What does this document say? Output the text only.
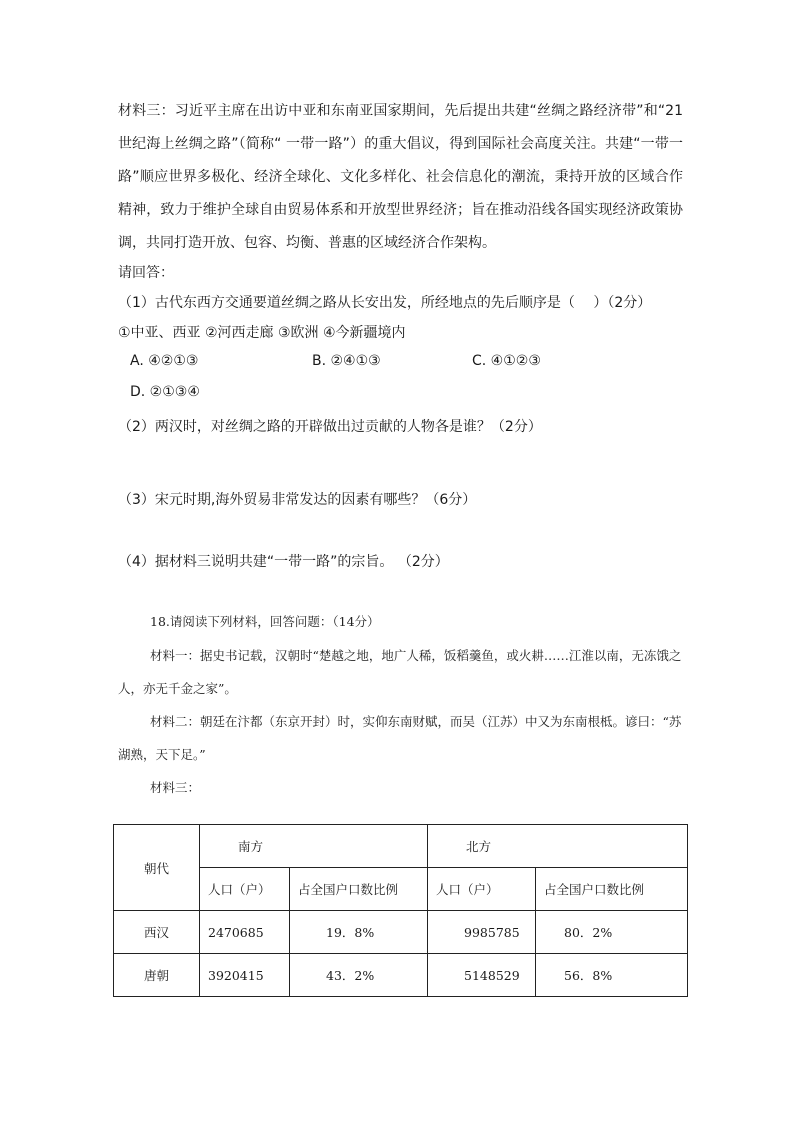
材料三：习近平主席在出访中亚和东南亚国家期间，先后提出共建“丝绸之路经济带”和“21世纪海上丝绸之路”（简称“ 一带一路”）的重大倡议，得到国际社会高度关注。共建“一带一路”顺应世界多极化、经济全球化、文化多样化、社会信息化的潮流，秉持开放的区域合作精神，致力于维护全球自由贸易体系和开放型世界经济；旨在推动沿线各国实现经济政策协调，共同打造开放、包容、均衡、普惠的区域经济合作架构。

请回答：

（1）古代东西方交通要道丝绸之路从长安出发，所经地点的先后顺序是（　 ）（2分）

①中亚、西亚 ②河西走廊 ③欧洲 ④今新疆境内

A. ④②①③	B. ②④①③	C. ④①②③
D. ②①③④

（2）两汉时，对丝绸之路的开辟做出过贡献的人物各是谁？（2分）

（3）宋元时期,海外贸易非常发达的因素有哪些？（6分）

（4）据材料三说明共建“一带一路”的宗旨。 （2分）

18.请阅读下列材料，回答问题：（14分）

材料一：据史书记载，汉朝时“楚越之地，地广人稀，饭稻羹鱼，或火耕……江淮以南，无冻饿之人，亦无千金之家”。

材料二：朝廷在汴都（东京开封）时，实仰东南财赋，而吴（江苏）中又为东南根柢。谚曰：“苏湖熟，天下足。”

材料三：

朝代	南方		北方	
	人口（户）	占全国户口数比例	人口（户）	占全国户口数比例
西汉	2470685	19．8%	9985785	80．2%
唐朝	3920415	43．2%	5148529	56．8%
